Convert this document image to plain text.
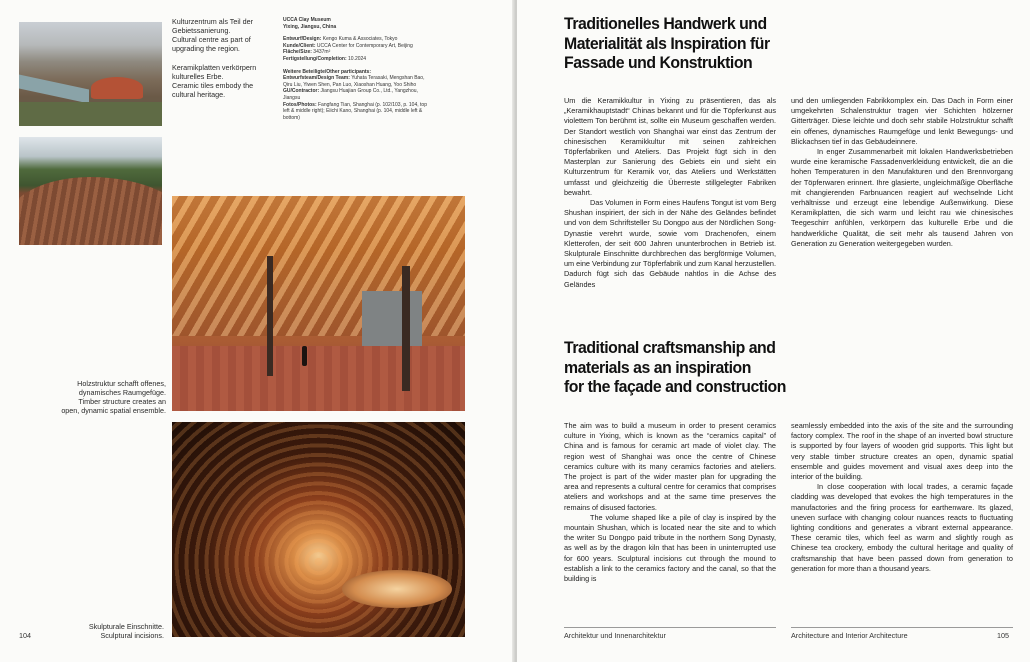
Kulturzentrum als Teil der
Gebietssanierung.
Cultural centre as part of
upgrading the region.
Keramikplatten verkörpern
kulturelles Erbe.
Ceramic tiles embody the
cultural heritage.
UCCA Clay Museum
Yixing, Jiangsu, China
Entwurf/Design: Kengo Kuma & Associates, Tokyo
Kunde/Client: UCCA Center for Contemporary Art, Beijing
Fläche/Size: 3437m²
Fertigstellung/Completion: 10.2024
Weitere Beteiligte/Other participants:
Entwurfsteam/Design Team: Yuhata Terasaki, Mengshan Bao, Qiru Liu, Yiwen Shen, Pan Luo, Xiaoshan Huang, Yoo Shiho
GU/Contractor: Jiangsu Huajian Group Co., Ltd., Yangzhou, Jiangsu
Fotos/Photos: Fangfang Tian, Shanghai (p. 102/103, p. 104, top left & middle right); Eiichi Kano, Shanghai (p. 104, middle left & bottom)
Holzstruktur schafft offenes,
dynamisches Raumgefüge.
Timber structure creates an
open, dynamic spatial ensemble.
Skulpturale Einschnitte.
Sculptural incisions.
104
Traditionelles Handwerk und
Materialität als Inspiration für
Fassade und Konstruktion

Um die Keramikkultur in Yixing zu präsentieren, das als „Keramikhauptstadt“ Chinas bekannt und für die Töpferkunst aus violettem Ton berühmt ist, sollte ein Museum geschaffen werden. Der Standort westlich von Shanghai war einst das Zentrum der chinesischen Keramikkultur mit seinen zahlreichen Töpferfabriken und Ateliers. Das Projekt fügt sich in den Masterplan zur Sanierung des Gebiets ein und sieht ein Kulturzentrum für Keramik vor, das Ateliers und Werkstätten umfasst und gleichzeitig die Überreste stillgelegter Fabriken bewahrt.

Das Volumen in Form eines Haufens Tongut ist vom Berg Shushan inspiriert, der sich in der Nähe des Geländes befindet und von dem Schriftsteller Su Dongpo aus der Nördlichen Song-Dynastie verehrt wurde, sowie vom Drachenofen, einem Kletterofen, der seit 600 Jahren ununterbrochen in Betrieb ist. Skulpturale Einschnitte durchbrechen das bergförmige Volumen, um eine Verbindung zur Töpferfabrik und zum Kanal herzustellen. Dadurch fügt sich das Gebäude nahtlos in die Achse des Geländes

und den umliegenden Fabrikkomplex ein. Das Dach in Form einer umgekehrten Schalenstruktur tragen vier Schichten hölzerner Gitterträger. Diese leichte und doch sehr stabile Holzstruktur schafft ein offenes, dynamisches Raumgefüge und lenkt Bewegungs- und Blickachsen tief in das Gebäudeinnere.

In enger Zusammenarbeit mit lokalen Handwerksbetrieben wurde eine keramische Fassadenverkleidung entwickelt, die an die hohen Temperaturen in den Manufakturen und den Brennvorgang der Töpferwaren erinnert. Ihre glasierte, ungleichmäßige Oberfläche mit changierenden Farbnuancen reagiert auf wechselnde Licht verhältnisse und erzeugt eine lebendige Außenwirkung. Diese Keramikplatten, die sich warm und leicht rau wie chinesisches Teegeschirr anfühlen, verkörpern das kulturelle Erbe und die handwerkliche Qualität, die seit mehr als tausend Jahren von Generation zu Generation weitergegeben wurden.

Traditional craftsmanship and
materials as an inspiration
for the façade and construction

The aim was to build a museum in order to present ceramics culture in Yixing, which is known as the “ceramics capital” of China and is famous for ceramic art made of violet clay. The region west of Shanghai was once the centre of Chinese ceramics culture with its many ceramics factories and ateliers. The project is part of the wider master plan for upgrading the area and represents a cultural centre for ceramics that comprises ateliers and workshops and at the same time preserves the remains of disused factories.

The volume shaped like a pile of clay is inspired by the mountain Shushan, which is located near the site and to which the writer Su Dongpo paid tribute in the northern Song Dynasty, as well as by the dragon kiln that has been in uninterrupted use for 600 years. Sculptural incisions cut through the mound to establish a link to the ceramics factory and the canal, so that the building is

seamlessly embedded into the axis of the site and the surrounding factory complex. The roof in the shape of an inverted bowl structure is supported by four layers of wooden grid supports. This light but very stable timber structure creates an open, dynamic spatial ensemble and guides movement and visual axes deep into the interior of the building.

In close cooperation with local trades, a ceramic façade cladding was developed that evokes the high temperatures in the manufactories and the firing process for earthenware. Its glazed, uneven surface with changing colour nuances reacts to fluctuating lighting conditions and generates a vibrant external appearance. These ceramic tiles, which feel as warm and slightly rough as Chinese tea crockery, embody the cultural heritage and quality of craftsmanship that have been passed down from generation to generation for more than a thousand years.

Architektur und Innenarchitektur	Architecture and Interior Architecture	105
